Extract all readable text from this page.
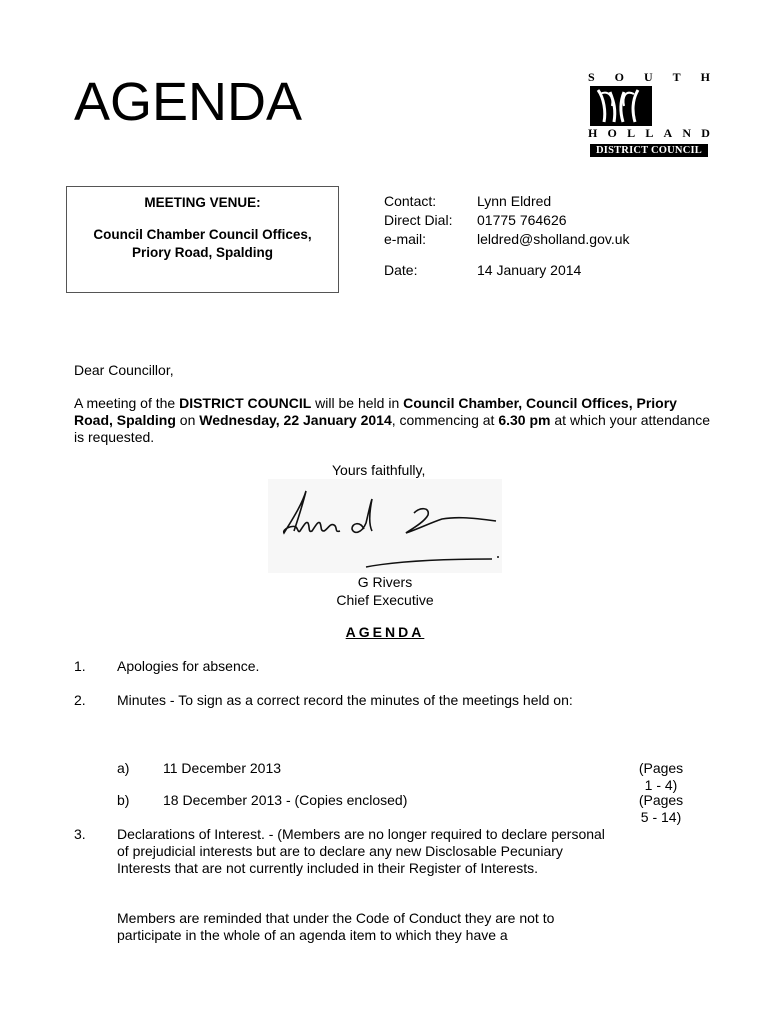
AGENDA	S O U T H
H O L L A N D
DISTRICT COUNCIL
MEETING VENUE:
Council Chamber Council Offices,
Priory Road, Spalding
Contact:	Lynn Eldred
Direct Dial: 01775 764626
e-mail:	leldred@sholland.gov.uk
Date:	14 January 2014
Dear Councillor,
A meeting of the DISTRICT COUNCIL will be held in Council Chamber, Council Offices, Priory Road, Spalding on Wednesday, 22 January 2014, commencing at 6.30 pm at which your attendance is requested.
Yours faithfully,
G Rivers
Chief Executive
AGENDA
1. Apologies for absence.
2. Minutes - To sign as a correct record the minutes of the meetings held on:
a) 11 December 2013	(Pages
1 - 4)
b) 18 December 2013 - (Copies enclosed)	(Pages
5 - 14)
3. Declarations of Interest. - (Members are no longer required to declare personal of prejudicial interests but are to declare any new Disclosable Pecuniary Interests that are not currently included in their Register of Interests.
Members are reminded that under the Code of Conduct they are not to participate in the whole of an agenda item to which they have a
